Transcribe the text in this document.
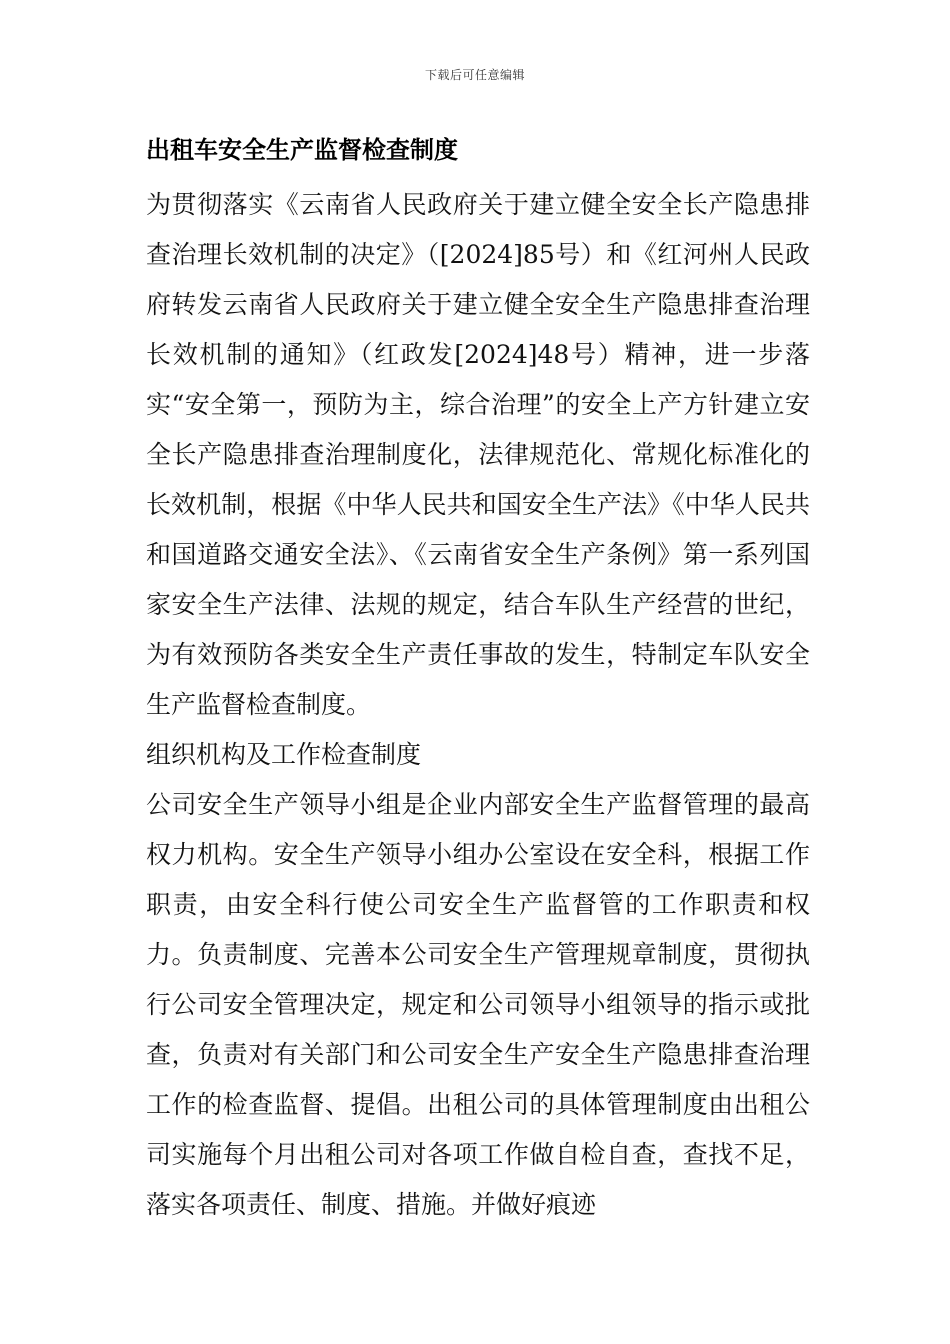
下载后可任意编辑
出租车安全生产监督检查制度

为贯彻落实《云南省人民政府关于建立健全安全长产隐患排查治理长效机制的决定》（[2024]85号）和《红河州人民政府转发云南省人民政府关于建立健全安全生产隐患排查治理长效机制的通知》（红政发[2024]48号）精神，进一步落实“安全第一，预防为主，综合治理”的安全上产方针建立安全长产隐患排查治理制度化，法律规范化、常规化标准化的长效机制，根据《中华人民共和国安全生产法》《中华人民共和国道路交通安全法》、《云南省安全生产条例》第一系列国家安全生产法律、法规的规定，结合车队生产经营的世纪，为有效预防各类安全生产责任事故的发生，特制定车队安全生产监督检查制度。

组织机构及工作检查制度

公司安全生产领导小组是企业内部安全生产监督管理的最高权力机构。安全生产领导小组办公室设在安全科，根据工作职责，由安全科行使公司安全生产监督管的工作职责和权力。负责制度、完善本公司安全生产管理规章制度，贯彻执行公司安全管理决定，规定和公司领导小组领导的指示或批查，负责对有关部门和公司安全生产安全生产隐患排查治理工作的检查监督、提倡。出租公司的具体管理制度由出租公司实施每个月出租公司对各项工作做自检自查，查找不足，落实各项责任、制度、措施。并做好痕迹
